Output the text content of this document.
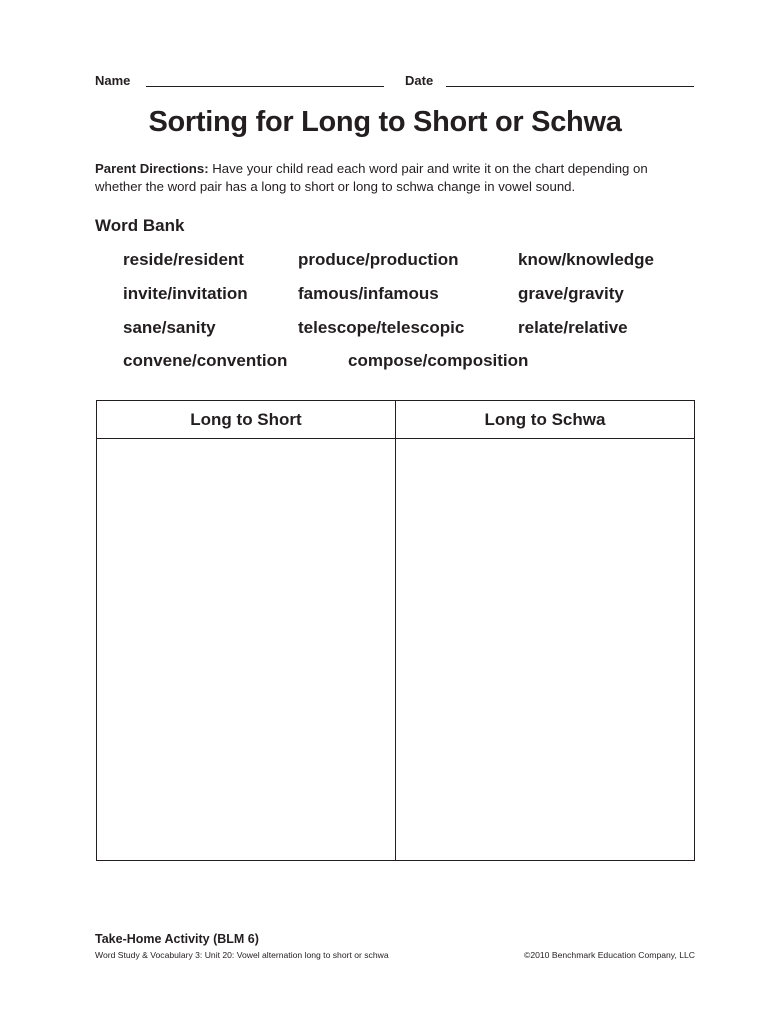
Name	Date
Sorting for Long to Short or Schwa
Parent Directions: Have your child read each word pair and write it on the chart depending on whether the word pair has a long to short or long to schwa change in vowel sound.
Word Bank
reside/resident	produce/production	know/knowledge
invite/invitation	famous/infamous	grave/gravity
sane/sanity	telescope/telescopic	relate/relative
convene/convention	compose/composition
Long to Short	Long to Schwa
Take-Home Activity (BLM 6)
Word Study & Vocabulary 3: Unit 20: Vowel alternation long to short or schwa	©2010 Benchmark Education Company, LLC
